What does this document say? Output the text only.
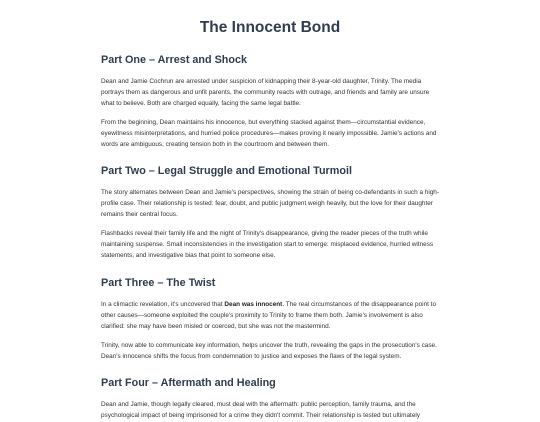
The Innocent Bond
Part One – Arrest and Shock

Dean and Jamie Cochrun are arrested under suspicion of kidnapping their 8-year-old daughter, Trinity. The media portrays them as dangerous and unfit parents, the community reacts with outrage, and friends and family are unsure what to believe. Both are charged equally, facing the same legal battle.

From the beginning, Dean maintains his innocence, but everything stacked against them—circumstantial evidence, eyewitness misinterpretations, and hurried police procedures—makes proving it nearly impossible. Jamie's actions and words are ambiguous, creating tension both in the courtroom and between them.

Part Two – Legal Struggle and Emotional Turmoil

The story alternates between Dean and Jamie's perspectives, showing the strain of being co-defendants in such a high-profile case. Their relationship is tested: fear, doubt, and public judgment weigh heavily, but the love for their daughter remains their central focus.

Flashbacks reveal their family life and the night of Trinity's disappearance, giving the reader pieces of the truth while maintaining suspense. Small inconsistencies in the investigation start to emerge: misplaced evidence, hurried witness statements, and investigative bias that point to someone else.

Part Three – The Twist

In a climactic revelation, it's uncovered that Dean was innocent. The real circumstances of the disappearance point to other causes—someone exploited the couple's proximity to Trinity to frame them both. Jamie's involvement is also clarified: she may have been misled or coerced, but she was not the mastermind.

Trinity, now able to communicate key information, helps uncover the truth, revealing the gaps in the prosecution's case. Dean's innocence shifts the focus from condemnation to justice and exposes the flaws of the legal system.

Part Four – Aftermath and Healing

Dean and Jamie, though legally cleared, must deal with the aftermath: public perception, family trauma, and the psychological impact of being imprisoned for a crime they didn't commit. Their relationship is tested but ultimately
